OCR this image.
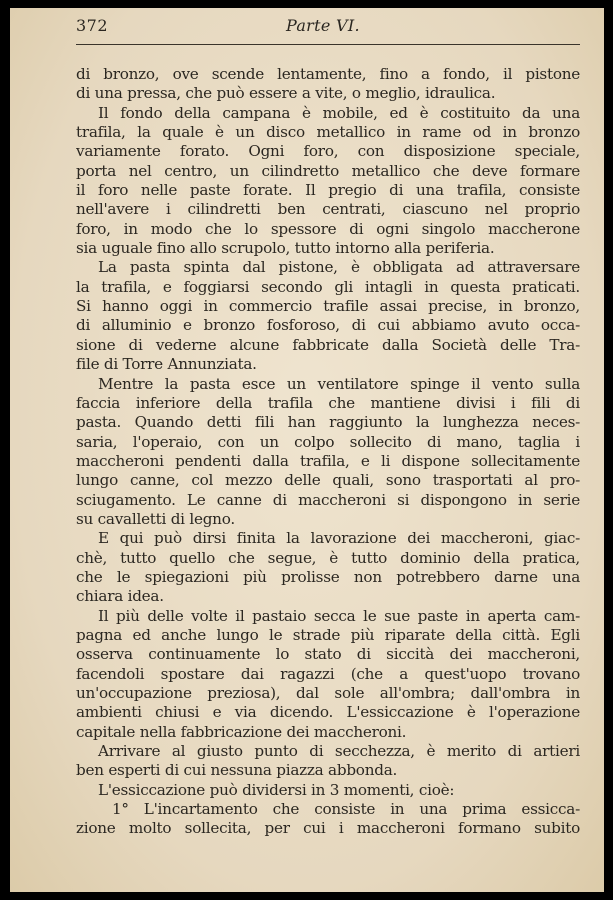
372	Parte VI.
di bronzo, ove scende lentamente, fino a fondo, il pistone
di una pressa, che può essere a vite, o meglio, idraulica.
Il fondo della campana è mobile, ed è costituito da una
trafila, la quale è un disco metallico in rame od in bronzo
variamente forato. Ogni foro, con disposizione speciale,
porta nel centro, un cilindretto metallico che deve formare
il foro nelle paste forate. Il pregio di una trafila, consiste
nell'avere i cilindretti ben centrati, ciascuno nel proprio
foro, in modo che lo spessore di ogni singolo maccherone
sia uguale fino allo scrupolo, tutto intorno alla periferia.
La pasta spinta dal pistone, è obbligata ad attraversare
la trafila, e foggiarsi secondo gli intagli in questa praticati.
Si hanno oggi in commercio trafile assai precise, in bronzo,
di alluminio e bronzo fosforoso, di cui abbiamo avuto occa-
sione di vederne alcune fabbricate dalla Società delle Tra-
file di Torre Annunziata.
Mentre la pasta esce un ventilatore spinge il vento sulla
faccia inferiore della trafila che mantiene divisi i fili di
pasta. Quando detti fili han raggiunto la lunghezza neces-
saria, l'operaio, con un colpo sollecito di mano, taglia i
maccheroni pendenti dalla trafila, e li dispone sollecitamente
lungo canne, col mezzo delle quali, sono trasportati al pro-
sciugamento. Le canne di maccheroni si dispongono in serie
su cavalletti di legno.
E qui può dirsi finita la lavorazione dei maccheroni, giac-
chè, tutto quello che segue, è tutto dominio della pratica,
che le spiegazioni più prolisse non potrebbero darne una
chiara idea.
Il più delle volte il pastaio secca le sue paste in aperta cam-
pagna ed anche lungo le strade più riparate della città. Egli
osserva continuamente lo stato di siccità dei maccheroni,
facendoli spostare dai ragazzi (che a quest'uopo trovano
un'occupazione preziosa), dal sole all'ombra; dall'ombra in
ambienti chiusi e via dicendo. L'essiccazione è l'operazione
capitale nella fabbricazione dei maccheroni.
Arrivare al giusto punto di secchezza, è merito di artieri
ben esperti di cui nessuna piazza abbonda.
L'essiccazione può dividersi in 3 momenti, cioè:
1° L'incartamento che consiste in una prima essicca-
zione molto sollecita, per cui i maccheroni formano subito
